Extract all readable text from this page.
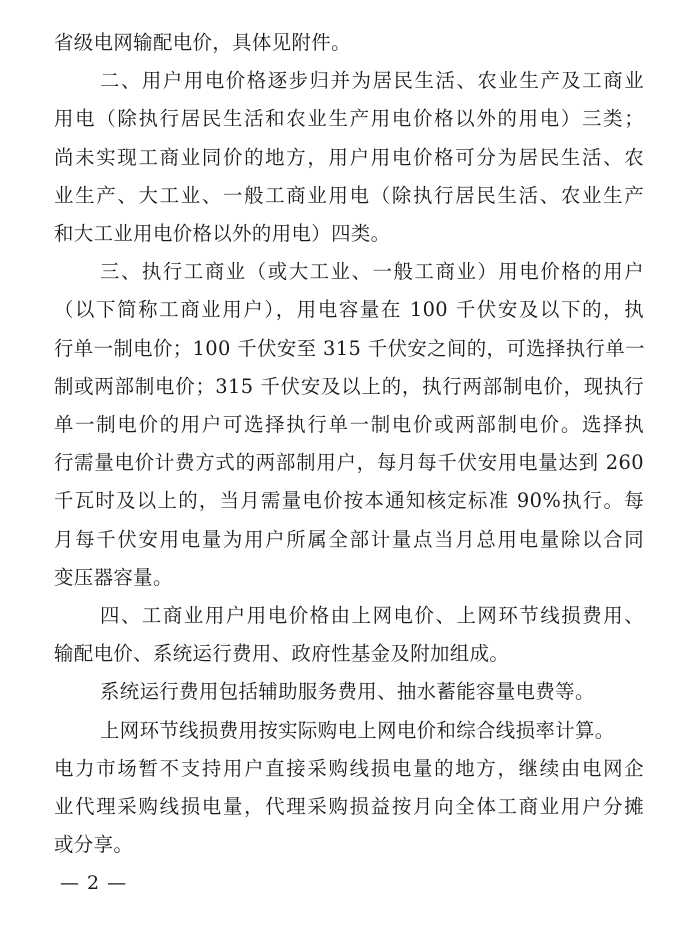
省级电网输配电价，具体见附件。
二、用户用电价格逐步归并为居民生活、农业生产及工商业
用电（除执行居民生活和农业生产用电价格以外的用电）三类；
尚未实现工商业同价的地方，用户用电价格可分为居民生活、农
业生产、大工业、一般工商业用电（除执行居民生活、农业生产
和大工业用电价格以外的用电）四类。
三、执行工商业（或大工业、一般工商业）用电价格的用户
（以下简称工商业用户），用电容量在 100 千伏安及以下的，执
行单一制电价；100 千伏安至 315 千伏安之间的，可选择执行单一
制或两部制电价；315 千伏安及以上的，执行两部制电价，现执行
单一制电价的用户可选择执行单一制电价或两部制电价。选择执
行需量电价计费方式的两部制用户，每月每千伏安用电量达到 260
千瓦时及以上的，当月需量电价按本通知核定标准 90%执行。每
月每千伏安用电量为用户所属全部计量点当月总用电量除以合同
变压器容量。
四、工商业用户用电价格由上网电价、上网环节线损费用、
输配电价、系统运行费用、政府性基金及附加组成。
系统运行费用包括辅助服务费用、抽水蓄能容量电费等。
上网环节线损费用按实际购电上网电价和综合线损率计算。
电力市场暂不支持用户直接采购线损电量的地方，继续由电网企
业代理采购线损电量，代理采购损益按月向全体工商业用户分摊
或分享。
— 2 —
